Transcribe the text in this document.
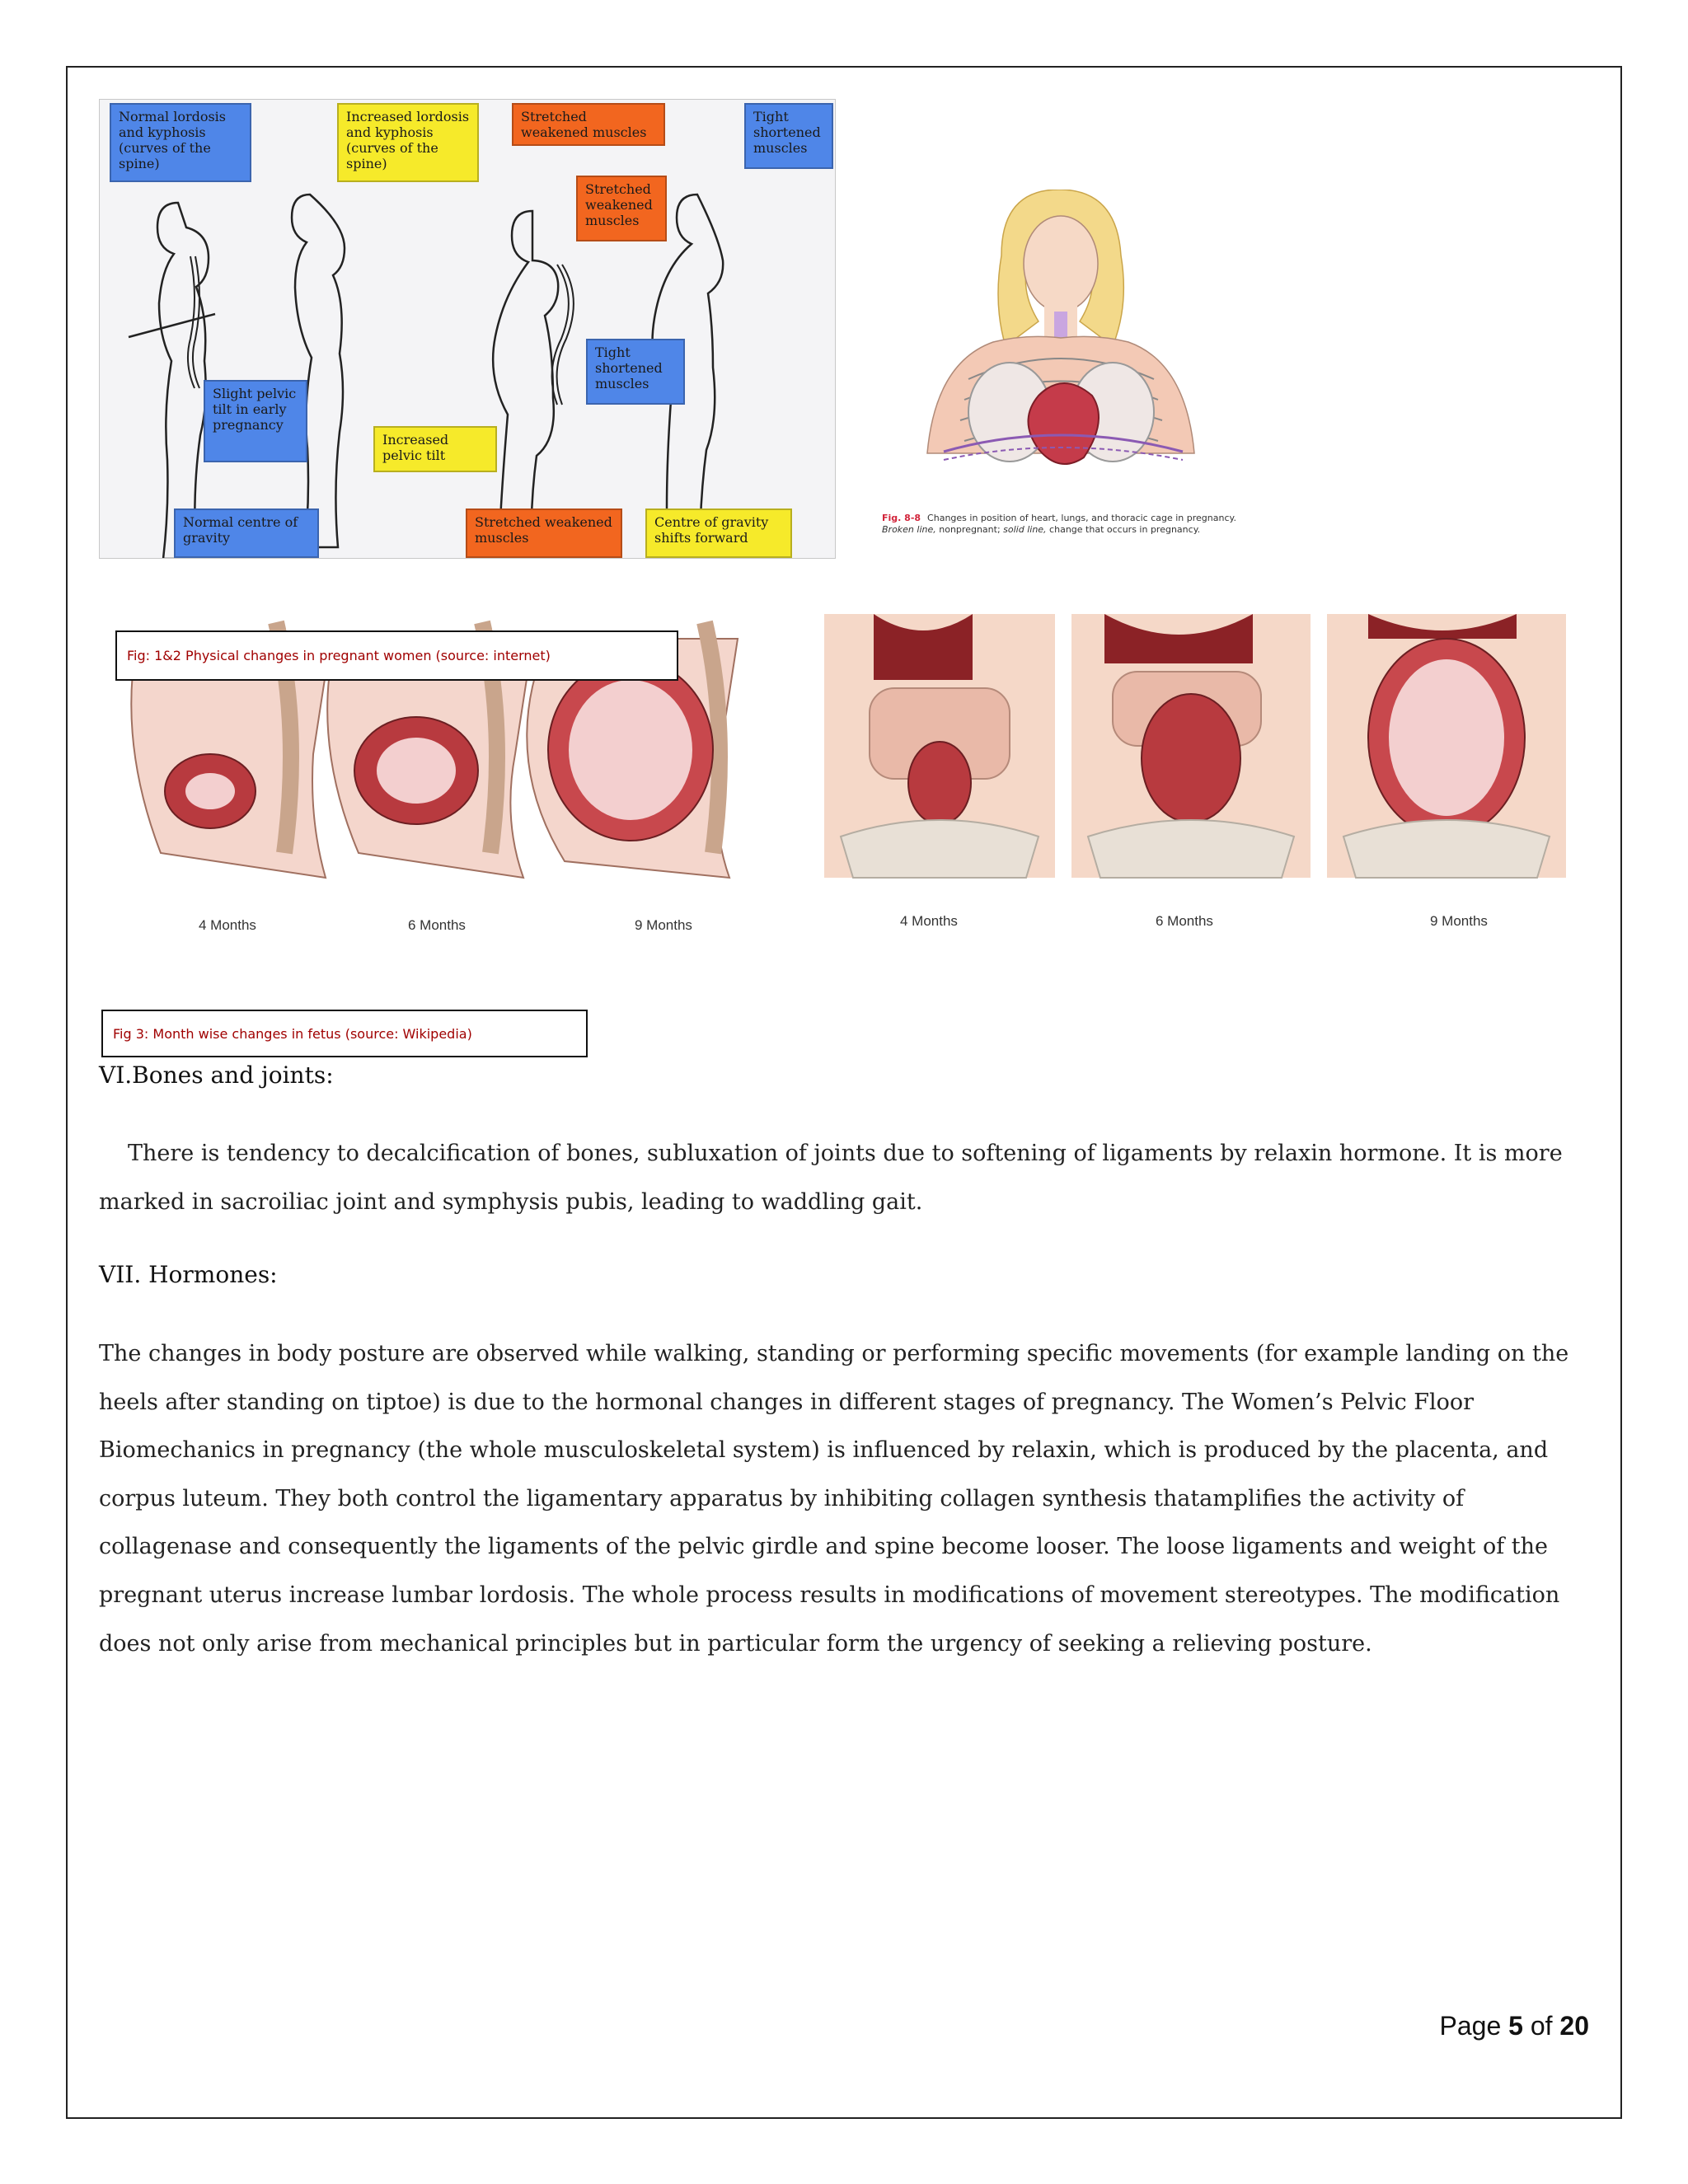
Normal lordosis and kyphosis (curves of the spine)
Increased lordosis and kyphosis (curves of the spine)
Stretched weakened muscles
Tight shortened muscles
Stretched weakened muscles
Slight pelvic tilt in early pregnancy
Tight shortened muscles
Increased pelvic tilt
Normal centre of gravity
Stretched weakened muscles
Centre of gravity shifts forward
Fig. 8-8 Changes in position of heart, lungs, and thoracic cage in pregnancy. Broken line, nonpregnant; solid line, change that occurs in pregnancy.
4 Months	6 Months	9 Months	4 Months	6 Months	9 Months
Fig: 1&2 Physical changes in pregnant women (source: internet)
Fig 3: Month wise changes in fetus (source: Wikipedia)
VI.Bones and joints:
There is tendency to decalcification of bones, subluxation of joints due to softening of ligaments by relaxin hormone. It is more marked in sacroiliac joint and symphysis pubis, leading to waddling gait.
VII. Hormones:
The changes in body posture are observed while walking, standing or performing specific movements (for example landing on the heels after standing on tiptoe) is due to the hormonal changes in different stages of pregnancy. The Women’s Pelvic Floor Biomechanics in pregnancy (the whole musculoskeletal system) is influenced by relaxin, which is produced by the placenta, and corpus luteum. They both control the ligamentary apparatus by inhibiting collagen synthesis thatamplifies the activity of collagenase and consequently the ligaments of the pelvic girdle and spine become looser. The loose ligaments and weight of the pregnant uterus increase lumbar lordosis. The whole process results in modifications of movement stereotypes. The modification does not only arise from mechanical principles but in particular form the urgency of seeking a relieving posture.
Page 5 of 20
